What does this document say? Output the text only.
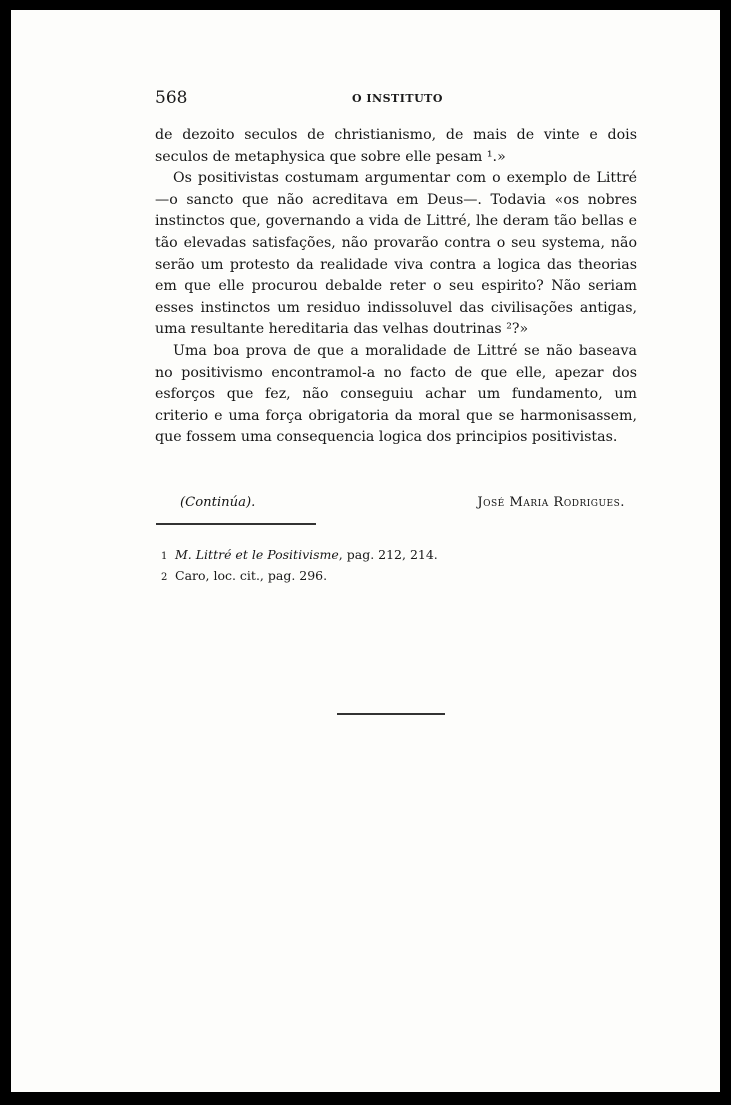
568	O INSTITUTO

de dezoito seculos de christianismo, de mais de vinte e dois seculos de metaphysica que sobre elle pesam ¹.»

Os positivistas costumam argumentar com o exemplo de Littré —o sancto que não acreditava em Deus—. Todavia «os nobres instinctos que, governando a vida de Littré, lhe deram tão bellas e tão elevadas satisfações, não provarão contra o seu systema, não serão um protesto da realidade viva contra a logica das theorias em que elle procurou debalde reter o seu espirito? Não seriam esses instinctos um residuo indissoluvel das civilisações antigas, uma resultante hereditaria das velhas doutrinas ²?»

Uma boa prova de que a moralidade de Littré se não baseava no positivismo encontramol-a no facto de que elle, apezar dos esforços que fez, não conseguiu achar um fundamento, um criterio e uma força obrigatoria da moral que se harmonisassem, que fossem uma consequencia logica dos principios positivistas.

(Continúa).	José Maria Rodrigues.
1 M. Littré et le Positivisme, pag. 212, 214.
2 Caro, loc. cit., pag. 296.
